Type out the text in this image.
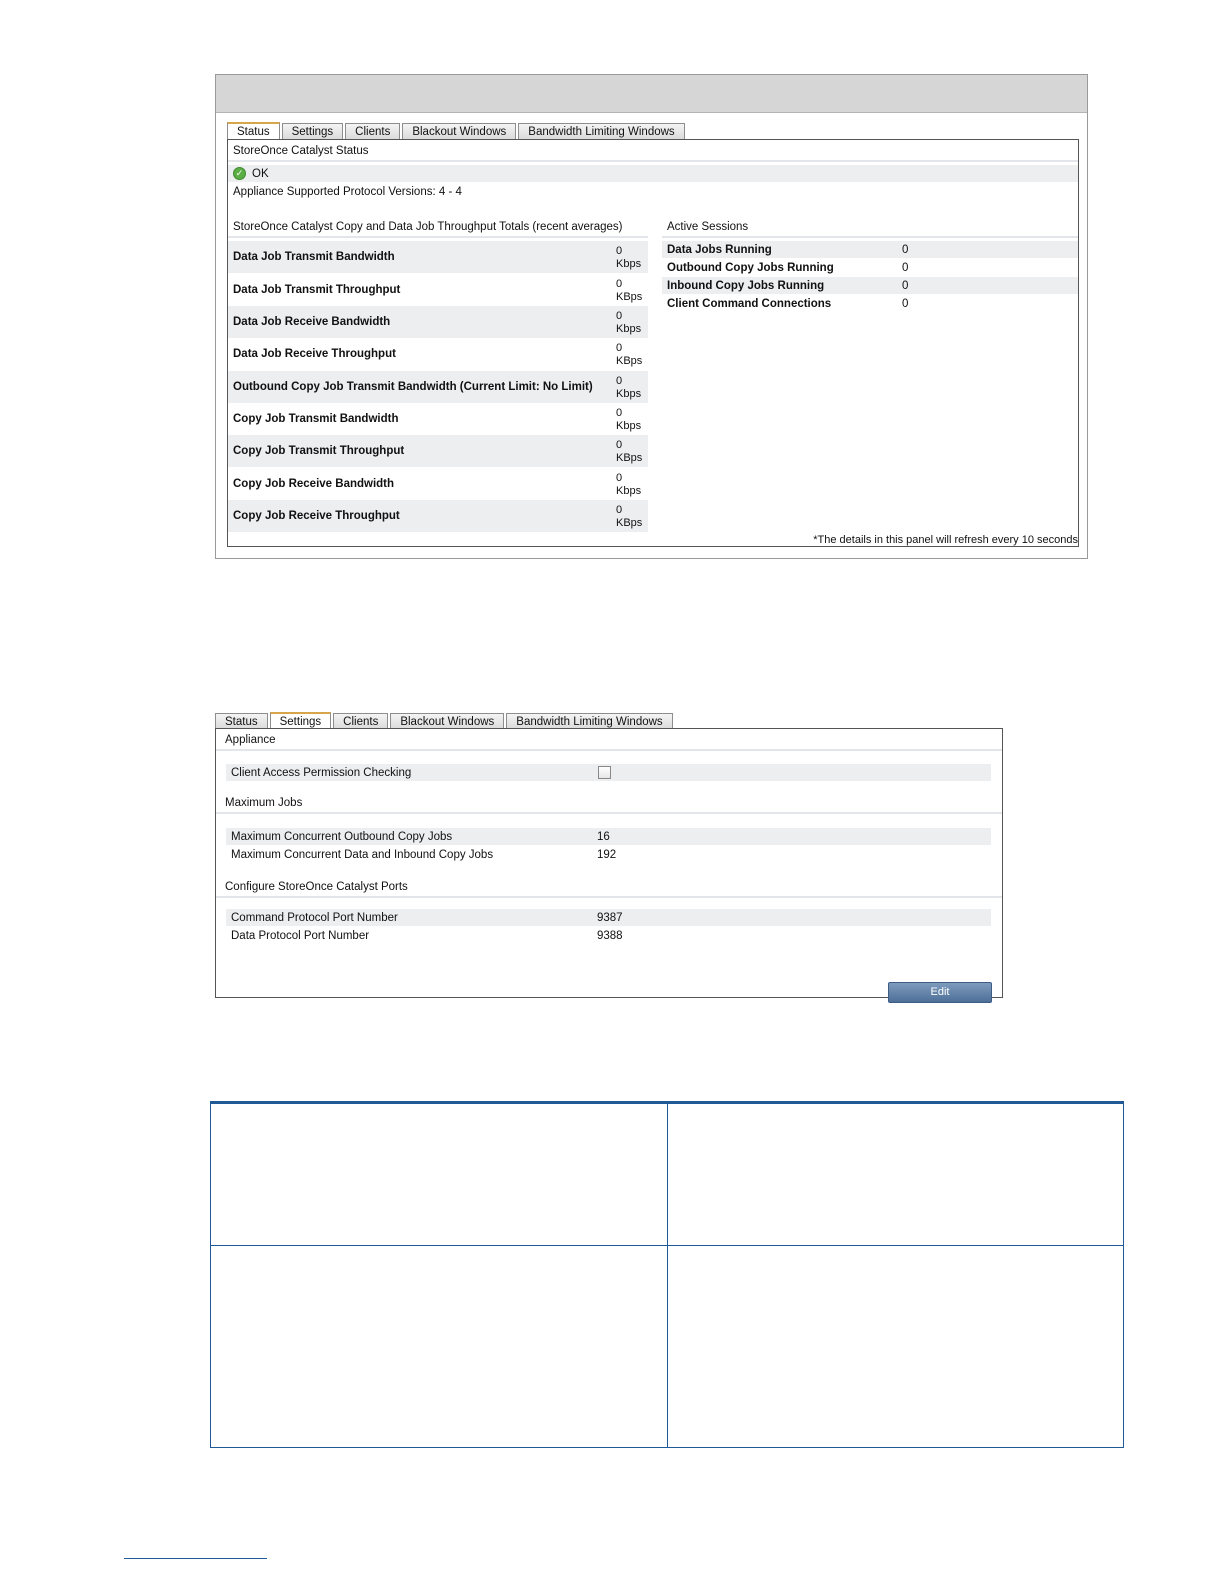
Status	Settings	Clients	Blackout Windows	Bandwidth Limiting Windows
StoreOnce Catalyst Status
✓ OK
Appliance Supported Protocol Versions: 4 - 4
StoreOnce Catalyst Copy and Data Job Throughput Totals (recent averages)	Active Sessions
Data Job Transmit Bandwidth	0
Kbps
Data Job Transmit Throughput	0
KBps
Data Job Receive Bandwidth	0
Kbps
Data Job Receive Throughput	0
KBps
Outbound Copy Job Transmit Bandwidth (Current Limit: No Limit) 0
Kbps
Copy Job Transmit Bandwidth	0
Kbps
Copy Job Transmit Throughput	0
KBps
Copy Job Receive Bandwidth	0
Kbps
Copy Job Receive Throughput	0
KBps
Data Jobs Running	0
Outbound Copy Jobs Running	0
Inbound Copy Jobs Running	0
Client Command Connections	0
*The details in this panel will refresh every 10 seconds
Status	Settings	Clients	Blackout Windows	Bandwidth Limiting Windows
Appliance
Client Access Permission Checking
Maximum Jobs
Maximum Concurrent Outbound Copy Jobs	16
Maximum Concurrent Data and Inbound Copy Jobs	192
Configure StoreOnce Catalyst Ports
Command Protocol Port Number	9387
Data Protocol Port Number	9388
Edit
